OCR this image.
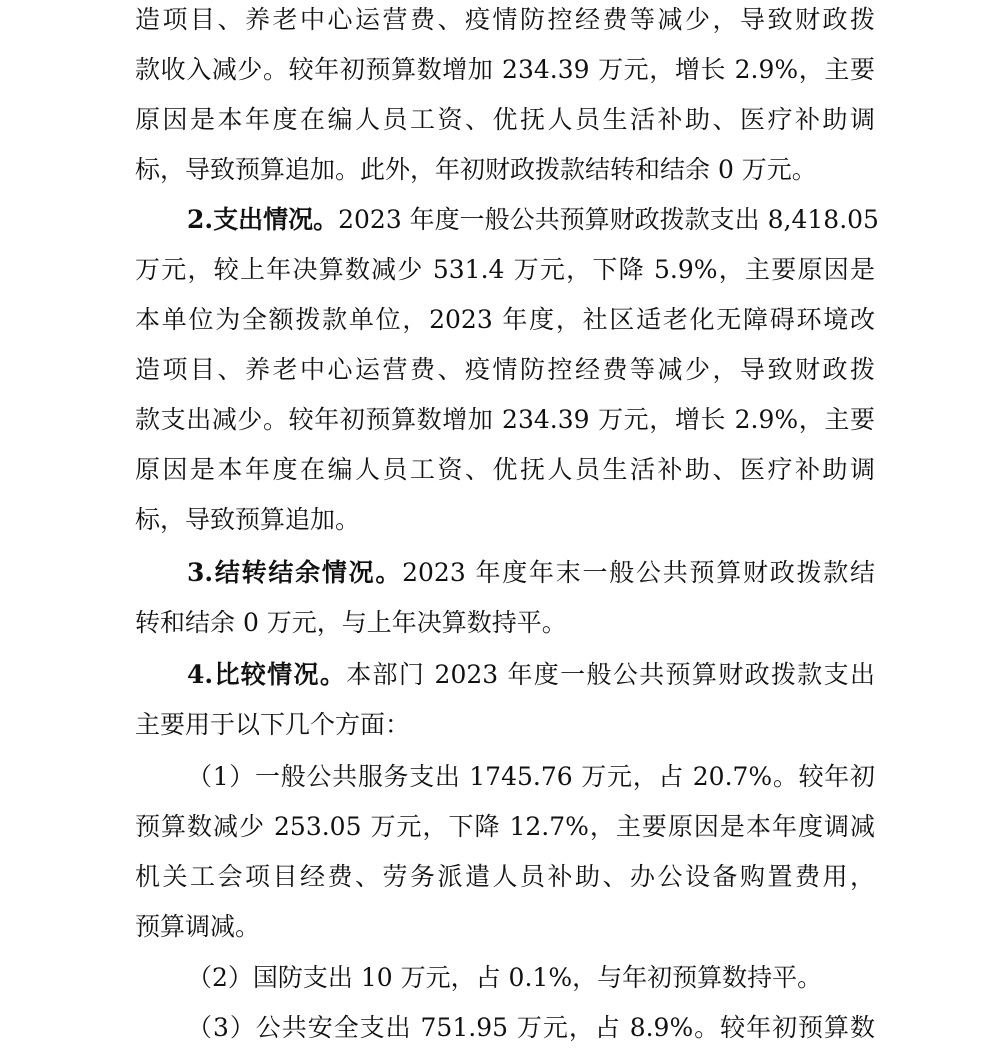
造项目、养老中心运营费、疫情防控经费等减少，导致财政拨
款收入减少。较年初预算数增加 234.39 万元，增长 2.9%，主要
原因是本年度在编人员工资、优抚人员生活补助、医疗补助调
标，导致预算追加。此外，年初财政拨款结转和结余 0 万元。
2.支出情况。2023 年度一般公共预算财政拨款支出 8,418.05
万元，较上年决算数减少 531.4 万元，下降 5.9%，主要原因是
本单位为全额拨款单位，2023 年度，社区适老化无障碍环境改
造项目、养老中心运营费、疫情防控经费等减少，导致财政拨
款支出减少。较年初预算数增加 234.39 万元，增长 2.9%，主要
原因是本年度在编人员工资、优抚人员生活补助、医疗补助调
标，导致预算追加。
3.结转结余情况。2023 年度年末一般公共预算财政拨款结
转和结余 0 万元，与上年决算数持平。
4.比较情况。本部门 2023 年度一般公共预算财政拨款支出
主要用于以下几个方面：
（1）一般公共服务支出 1745.76 万元，占 20.7%。较年初
预算数减少 253.05 万元，下降 12.7%，主要原因是本年度调减
机关工会项目经费、劳务派遣人员补助、办公设备购置费用，
预算调减。
（2）国防支出 10 万元，占 0.1%，与年初预算数持平。
（3）公共安全支出 751.95 万元，占 8.9%。较年初预算数
